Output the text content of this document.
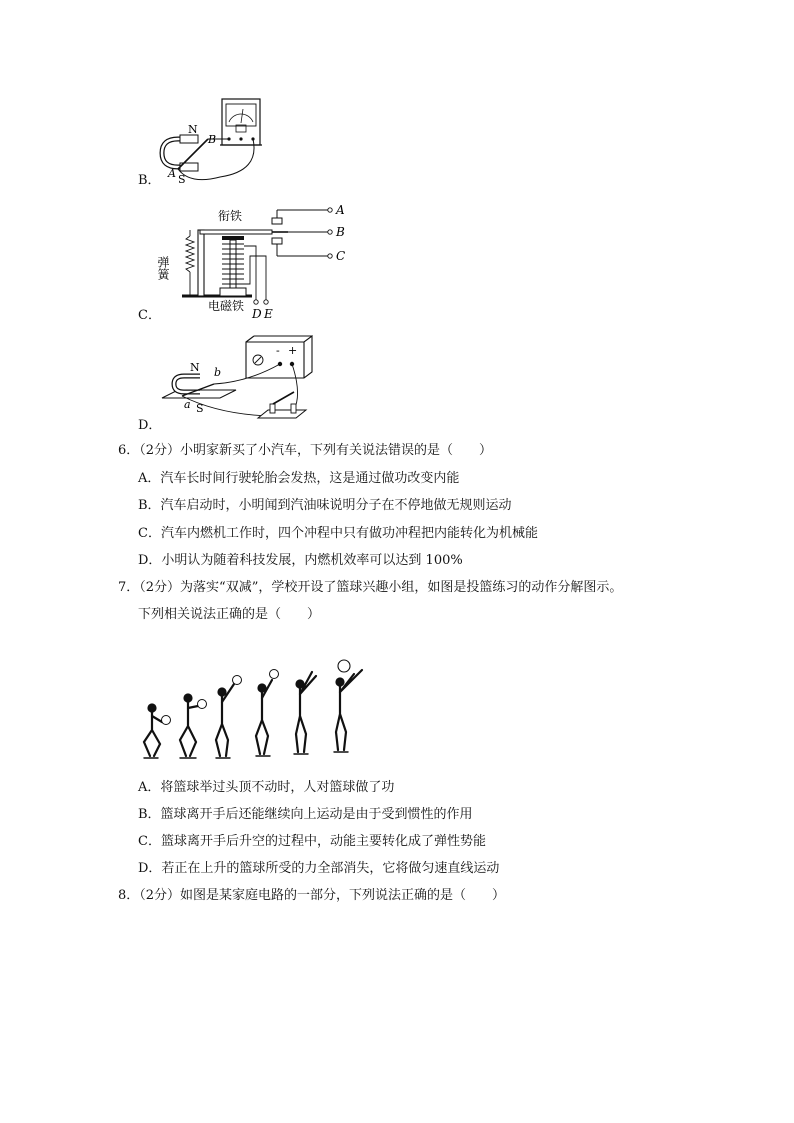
B．
N
S
A
B
C．
衔铁
弹簧
电磁铁
A
B
C
D E
D．
- +
N
S
a
b
6．（2分）小明家新买了小汽车，下列有关说法错误的是（　　）
A．汽车长时间行驶轮胎会发热，这是通过做功改变内能
B．汽车启动时，小明闻到汽油味说明分子在不停地做无规则运动
C．汽车内燃机工作时，四个冲程中只有做功冲程把内能转化为机械能
D．小明认为随着科技发展，内燃机效率可以达到 100%
7．（2分）为落实“双减”，学校开设了篮球兴趣小组，如图是投篮练习的动作分解图示。
下列相关说法正确的是（　　）
A．将篮球举过头顶不动时，人对篮球做了功
B．篮球离开手后还能继续向上运动是由于受到惯性的作用
C．篮球离开手后升空的过程中，动能主要转化成了弹性势能
D．若正在上升的篮球所受的力全部消失，它将做匀速直线运动
8．（2分）如图是某家庭电路的一部分，下列说法正确的是（　　）
